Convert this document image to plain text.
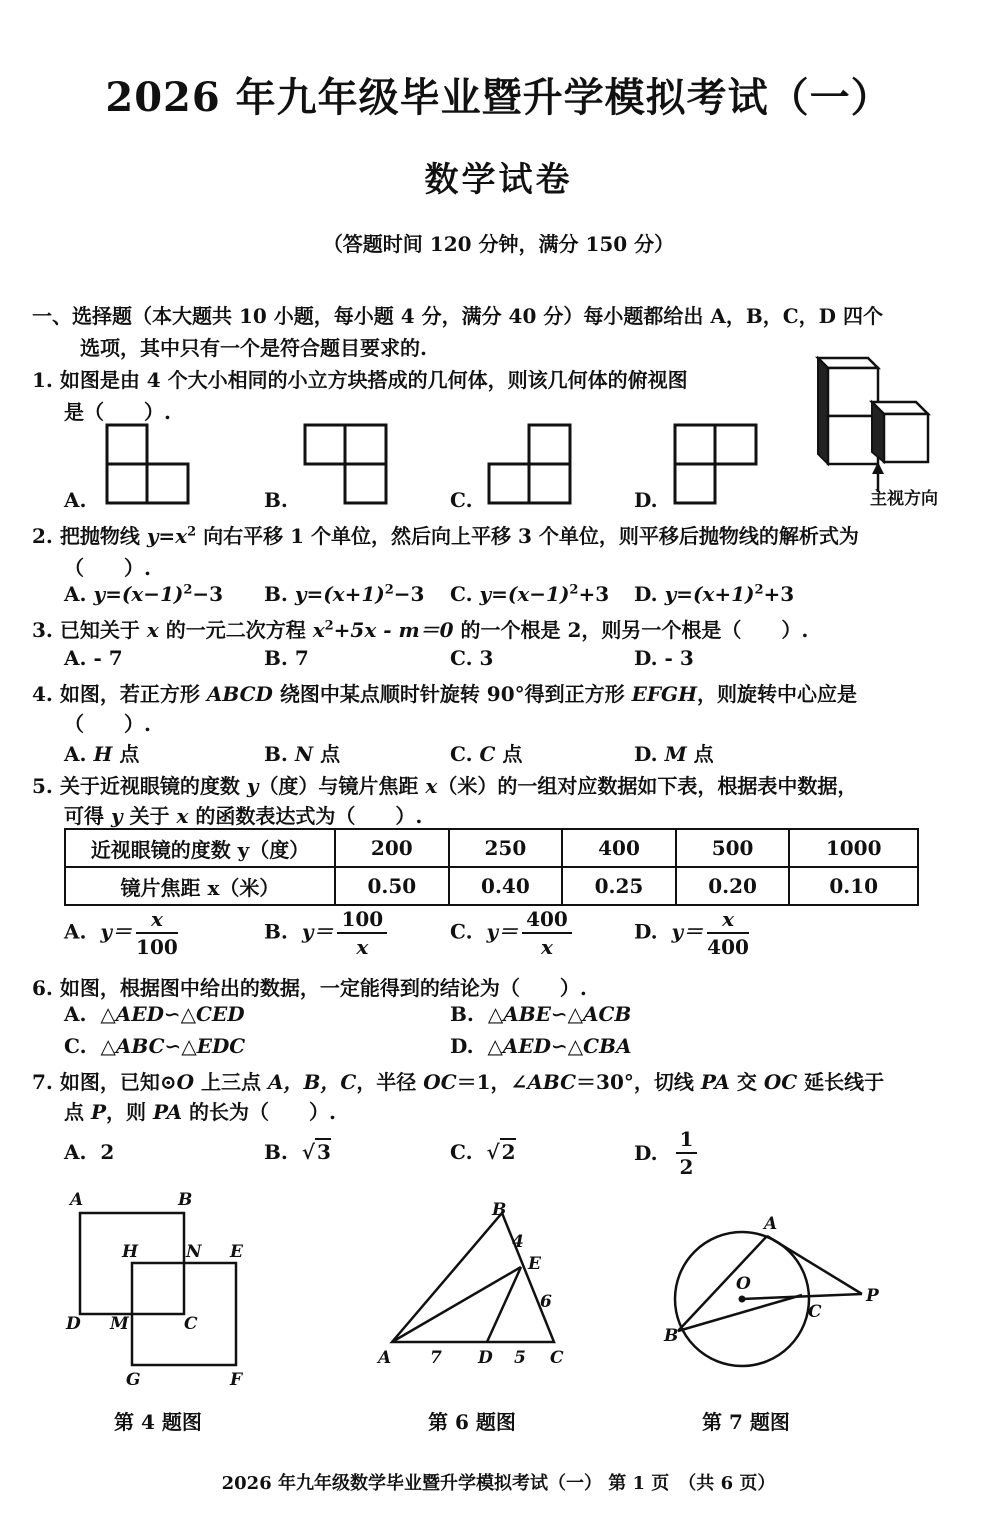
2026 年九年级毕业暨升学模拟考试（一）
数学试卷
（答题时间 120 分钟，满分 150 分）
一、选择题（本大题共 10 小题，每小题 4 分，满分 40 分）每小题都给出 A，B，C，D 四个
选项，其中只有一个是符合题目要求的.
1. 如图是由 4 个大小相同的小立方块搭成的几何体，则该几何体的俯视图
是（　　）.
A.	B.	C.	D.	主视方向
2. 把抛物线 $y=x^2$ 向右平移 1 个单位，然后向上平移 3 个单位，则平移后抛物线的解析式为
（　　）.
A. $y=(x-1)^2-3$ B. $y=(x+1)^2-3$ C. $y=(x-1)^2+3$ D. $y=(x+1)^2+3$
3. 已知关于 x 的一元二次方程 $x^2+5x - m=0$ 的一个根是 2，则另一个根是（　　）.
A. - 7	B. 7	C. 3	D. - 3
4. 如图，若正方形 ABCD 绕图中某点顺时针旋转 90°得到正方形 EFGH，则旋转中心应是
（　　）.
A. H 点	B. N 点	C. C 点	D. M 点
5. 关于近视眼镜的度数 y（度）与镜片焦距 x（米）的一组对应数据如下表，根据表中数据，
可得 y 关于 x 的函数表达式为（　　）.
近视眼镜的度数 y（度）	200	250	400	500	1000
镜片焦距 x（米）	0.50	0.40	0.25	0.20	0.10
A. $y= \frac{x}{100}$	B. $y= \frac{100}{x}$	C. $y= \frac{400}{x}$	D. $y= \frac{x}{400}$
6. 如图，根据图中给出的数据，一定能得到的结论为（　　）.
A. △AED∽△CED	B. △ABE∽△ACB
C. △ABC∽△EDC	D. △AED∽△CBA
7. 如图，已知⊙O 上三点 A，B，C，半径 OC＝1，∠ABC＝30°，切线 PA 交 OC 延长线于
点 P，则 PA 的长为（　　）.
A. 2	B. √ 3	C. √ 2	D. $\frac{1}{2}$
A	B
H	N E
D M	C
G	F
第 4 题图
B
4
E
6
A 7 D 5 C
第 6 题图
A
O
P
B
C
第 7 题图
2026 年九年级数学毕业暨升学模拟考试（一） 第 1 页　（共 6 页）
